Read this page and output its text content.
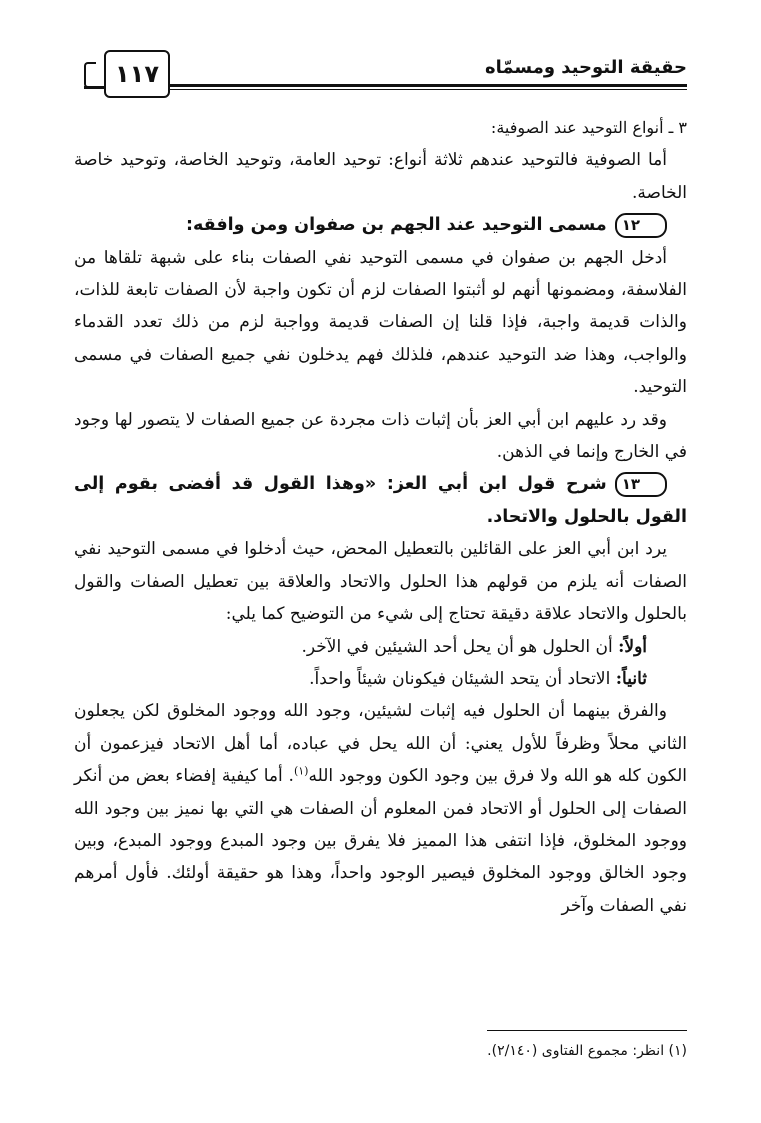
حقيقة التوحيد ومسمّاه
١١٧

٣ ـ أنواع التوحيد عند الصوفية:

أما الصوفية فالتوحيد عندهم ثلاثة أنواع: توحيد العامة، وتوحيد الخاصة، وتوحيد خاصة الخاصة.

١٢مسمى التوحيد عند الجهم بن صفوان ومن وافقه:

أدخل الجهم بن صفوان في مسمى التوحيد نفي الصفات بناء على شبهة تلقاها من الفلاسفة، ومضمونها أنهم لو أثبتوا الصفات لزم أن تكون واجبة لأن الصفات تابعة للذات، والذات قديمة واجبة، فإذا قلنا إن الصفات قديمة وواجبة لزم من ذلك تعدد القدماء والواجب، وهذا ضد التوحيد عندهم، فلذلك فهم يدخلون نفي جميع الصفات في مسمى التوحيد.

وقد رد عليهم ابن أبي العز بأن إثبات ذات مجردة عن جميع الصفات لا يتصور لها وجود في الخارج وإنما في الذهن.

١٣شرح قول ابن أبي العز: «وهذا القول قد أفضى بقوم إلى القول بالحلول والاتحاد.

يرد ابن أبي العز على القائلين بالتعطيل المحض، حيث أدخلوا في مسمى التوحيد نفي الصفات أنه يلزم من قولهم هذا الحلول والاتحاد والعلاقة بين تعطيل الصفات والقول بالحلول والاتحاد علاقة دقيقة تحتاج إلى شيء من التوضيح كما يلي:

أولاً: أن الحلول هو أن يحل أحد الشيئين في الآخر.

ثانياً: الاتحاد أن يتحد الشيئان فيكونان شيئاً واحداً.

والفرق بينهما أن الحلول فيه إثبات لشيئين، وجود الله ووجود المخلوق لكن يجعلون الثاني محلاً وظرفاً للأول يعني: أن الله يحل في عباده، أما أهل الاتحاد فيزعمون أن الكون كله هو الله ولا فرق بين وجود الكون ووجود الله$^{(١)}$. أما كيفية إفضاء بعض من أنكر الصفات إلى الحلول أو الاتحاد فمن المعلوم أن الصفات هي التي بها نميز بين وجود الله ووجود المخلوق، فإذا انتفى هذا المميز فلا يفرق بين وجود المبدع ووجود المبدع، وبين وجود الخالق ووجود المخلوق فيصير الوجود واحداً، وهذا هو حقيقة أولئك. فأول أمرهم نفي الصفات وآخر

(١) انظر: مجموع الفتاوى (٢/١٤٠).
